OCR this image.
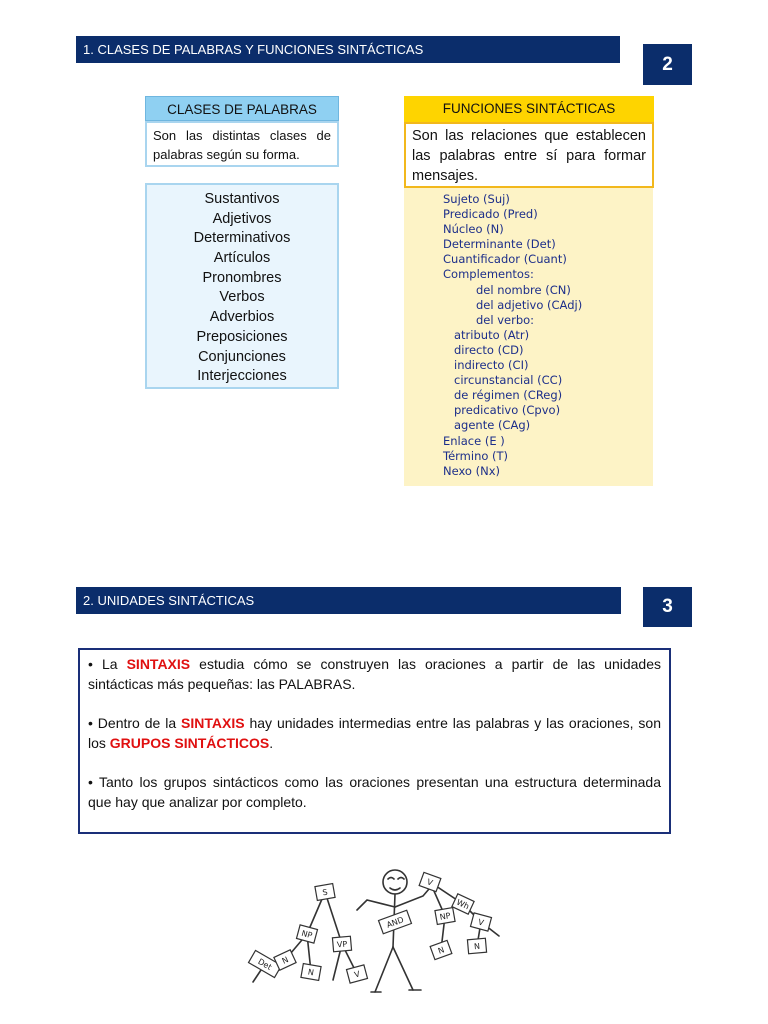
1. CLASES DE PALABRAS Y FUNCIONES SINTÁCTICAS
2
CLASES DE PALABRAS
Son las distintas clases de palabras según su forma.
Sustantivos
Adjetivos
Determinativos
Artículos
Pronombres
Verbos
Adverbios
Preposiciones
Conjunciones
Interjecciones
FUNCIONES SINTÁCTICAS
Son las relaciones que establecen las palabras entre sí para formar mensajes.
Sujeto (Suj)
Predicado (Pred)
Núcleo (N)
Determinante (Det)
Cuantificador (Cuant)
Complementos:
del nombre (CN)
del adjetivo (CAdj)
del verbo:
atributo (Atr)
directo (CD)
indirecto (CI)
circunstancial (CC)
de régimen (CReg)
predicativo (Cpvo)
agente (CAg)
Enlace (E )
Término (T)
Nexo (Nx)
2. UNIDADES SINTÁCTICAS	3

• La SINTAXIS estudia cómo se construyen las oraciones a partir de las unidades sintácticas más pequeñas: las PALABRAS.

• Dentro de la SINTAXIS hay unidades intermedias entre las palabras y las oraciones, son los GRUPOS SINTÁCTICOS.

• Tanto los grupos sintácticos como las oraciones presentan una estructura determinada que hay que analizar por completo.

S
AND
NP
VP
N	V
Det N
V
NP
Wh
N
V
N
